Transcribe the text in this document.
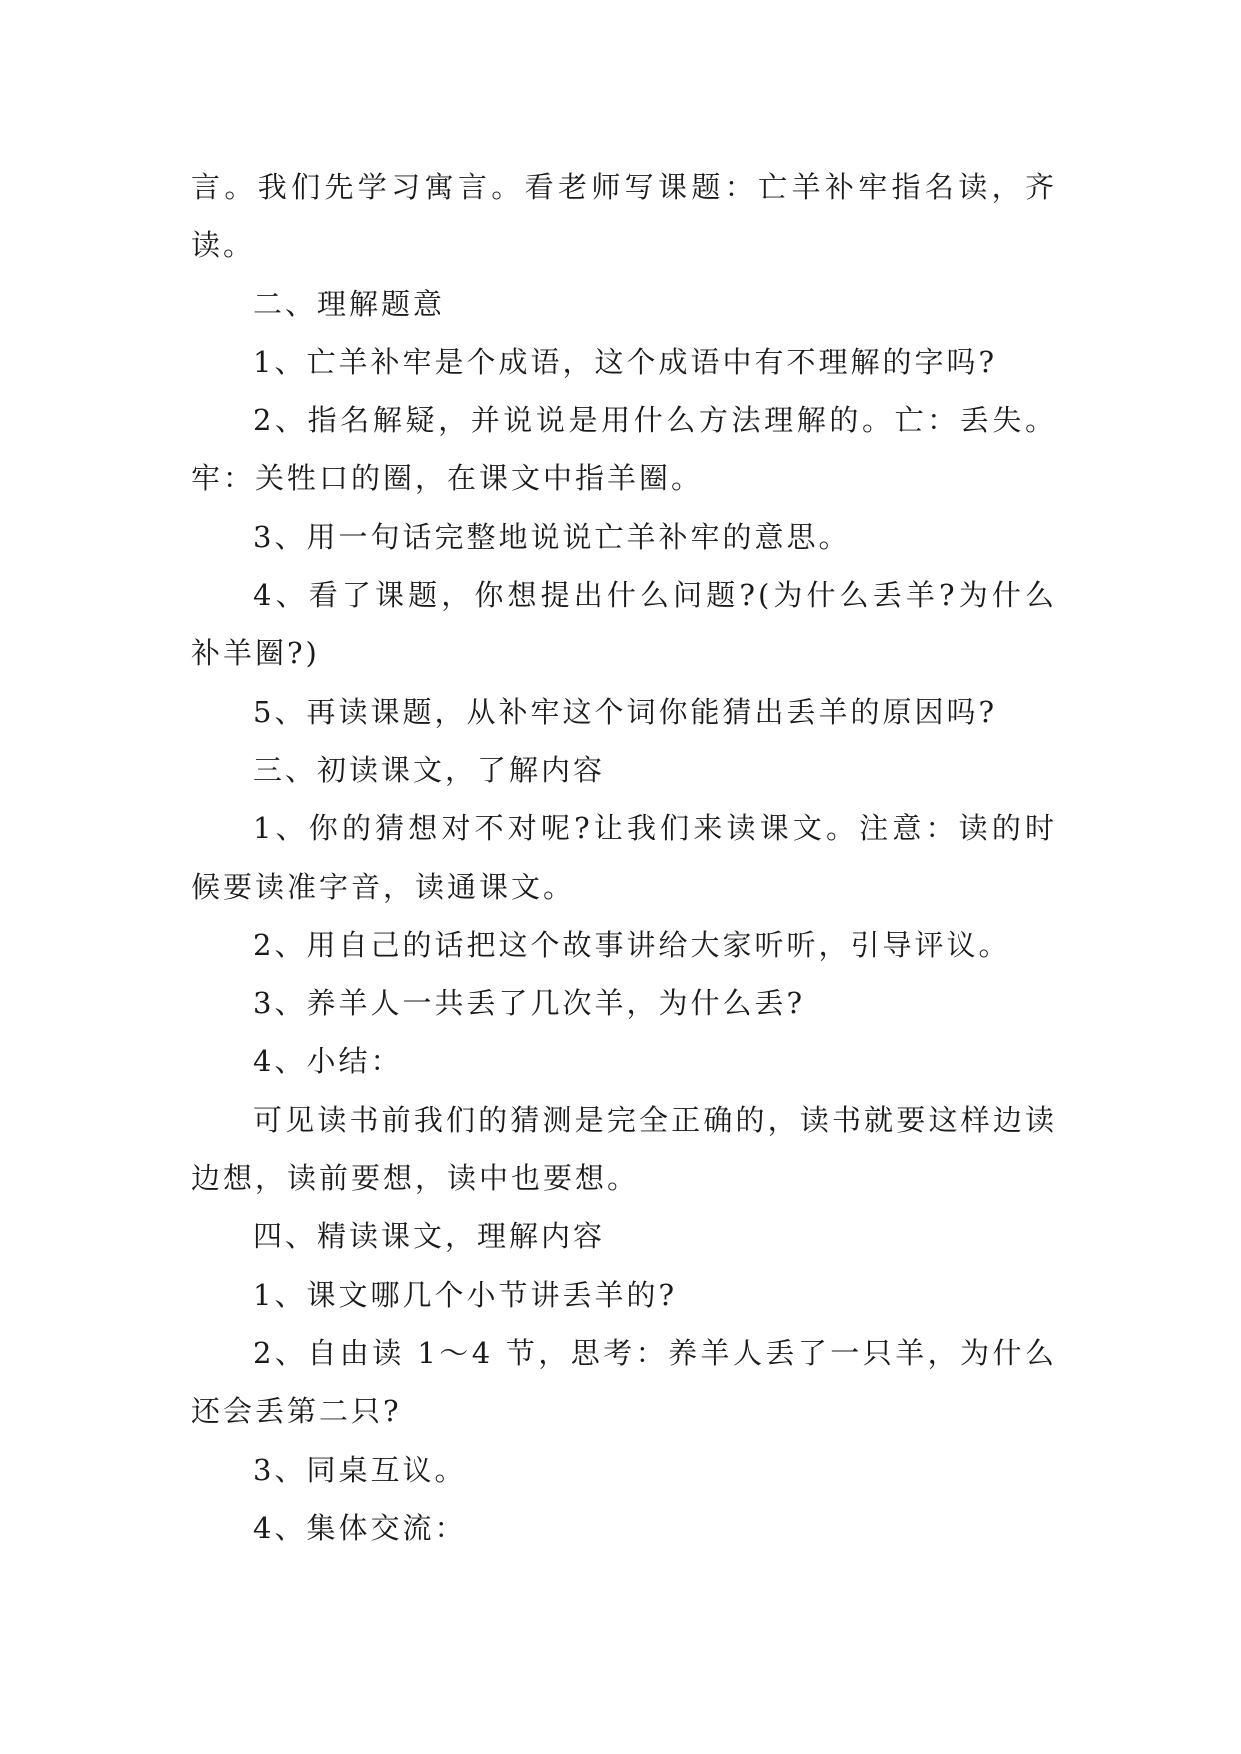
言。我们先学习寓言。看老师写课题：亡羊补牢指名读，齐读。

二、理解题意

1、亡羊补牢是个成语，这个成语中有不理解的字吗?

2、指名解疑，并说说是用什么方法理解的。亡：丢失。牢：关牲口的圈，在课文中指羊圈。

3、用一句话完整地说说亡羊补牢的意思。

4、看了课题，你想提出什么问题?(为什么丢羊?为什么补羊圈?)

5、再读课题，从补牢这个词你能猜出丢羊的原因吗?

三、初读课文，了解内容

1、你的猜想对不对呢?让我们来读课文。注意：读的时候要读准字音，读通课文。

2、用自己的话把这个故事讲给大家听听，引导评议。

3、养羊人一共丢了几次羊，为什么丢?

4、小结：

可见读书前我们的猜测是完全正确的，读书就要这样边读边想，读前要想，读中也要想。

四、精读课文，理解内容

1、课文哪几个小节讲丢羊的?

2、自由读 1～4 节，思考：养羊人丢了一只羊，为什么还会丢第二只?

3、同桌互议。

4、集体交流：
